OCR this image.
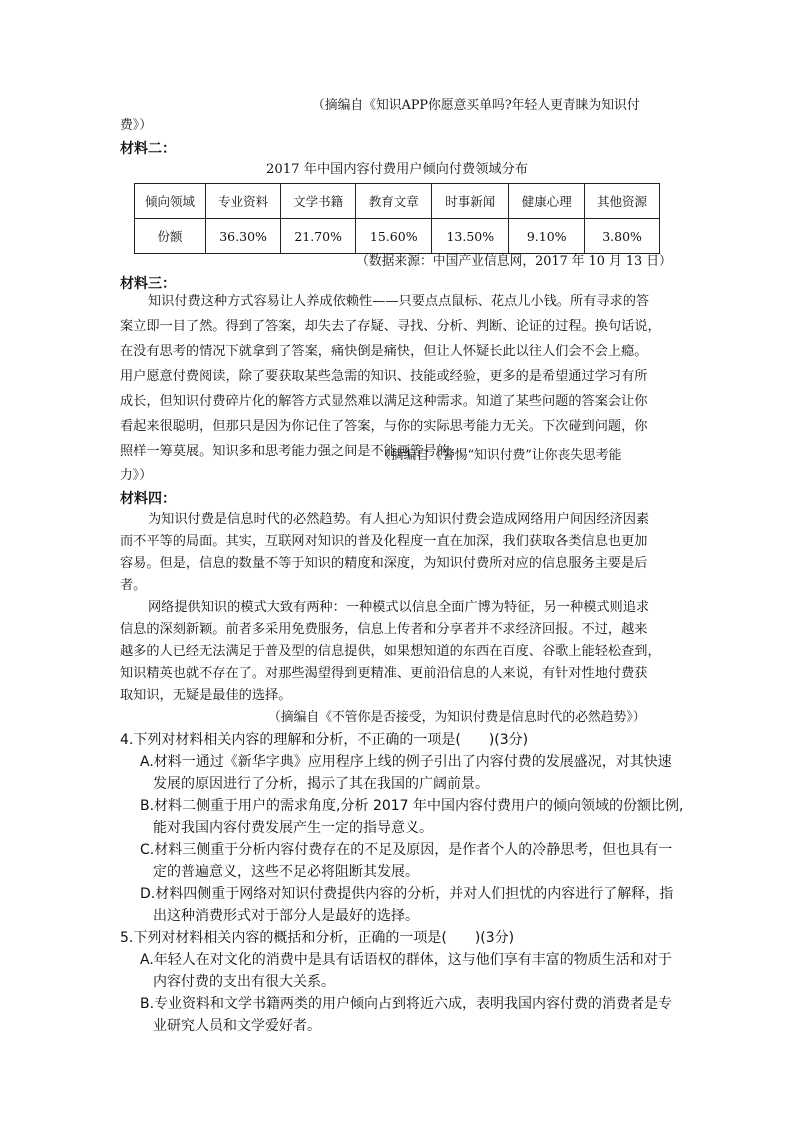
（摘编自《知识APP你愿意买单吗?年轻人更青睐为知识付
费》）
材料二：
2017 年中国内容付费用户倾向付费领域分布
倾向领域	专业资料	文学书籍	教育文章	时事新闻	健康心理	其他资源
份额	36.30%	21.70%	15.60%	13.50%	9.10%	3.80%
（数据来源：中国产业信息网，2017 年 10 月 13 日）
材料三：
知识付费这种方式容易让人养成依赖性——只要点点鼠标、花点儿小钱。所有寻求的答
案立即一目了然。得到了答案，却失去了存疑、寻找、分析、判断、论证的过程。换句话说，
在没有思考的情况下就拿到了答案，痛快倒是痛快，但让人怀疑长此以往人们会不会上瘾。
用户愿意付费阅读，除了要获取某些急需的知识、技能或经验，更多的是希望通过学习有所
成长，但知识付费碎片化的解答方式显然难以满足这种需求。知道了某些问题的答案会让你
看起来很聪明，但那只是因为你记住了答案，与你的实际思考能力无关。下次碰到问题，你
照样一筹莫展。知识多和思考能力强之间是不能画等号的。
（摘编自《警惕“知识付费”让你丧失思考能
力》）
材料四：
为知识付费是信息时代的必然趋势。有人担心为知识付费会造成网络用户间因经济因素
而不平等的局面。其实，互联网对知识的普及化程度一直在加深，我们获取各类信息也更加
容易。但是，信息的数量不等于知识的精度和深度，为知识付费所对应的信息服务主要是后
者。
网络提供知识的模式大致有两种：一种模式以信息全面广博为特征，另一种模式则追求
信息的深刻新颖。前者多采用免费服务，信息上传者和分享者并不求经济回报。不过，越来
越多的人已经无法满足于普及型的信息提供，如果想知道的东西在百度、谷歌上能轻松查到，
知识精英也就不存在了。对那些渴望得到更精准、更前沿信息的人来说，有针对性地付费获
取知识，无疑是最佳的选择。
（摘编自《不管你是否接受，为知识付费是信息时代的必然趋势》）
4.下列对材料相关内容的理解和分析，不正确的一项是(　　)(3分)
A.材料一通过《新华字典》应用程序上线的例子引出了内容付费的发展盛况，对其快速
发展的原因进行了分析，揭示了其在我国的广阔前景。
B.材料二侧重于用户的需求角度,分析 2017 年中国内容付费用户的倾向领域的份额比例,
能对我国内容付费发展产生一定的指导意义。
C.材料三侧重于分析内容付费存在的不足及原因，是作者个人的冷静思考，但也具有一
定的普遍意义，这些不足必将阻断其发展。
D.材料四侧重于网络对知识付费提供内容的分析，并对人们担忧的内容进行了解释，指
出这种消费形式对于部分人是最好的选择。
5.下列对材料相关内容的概括和分析，正确的一项是(　　)(3分)
A.年轻人在对文化的消费中是具有话语权的群体，这与他们享有丰富的物质生活和对于
内容付费的支出有很大关系。
B.专业资料和文学书籍两类的用户倾向占到将近六成，表明我国内容付费的消费者是专
业研究人员和文学爱好者。
